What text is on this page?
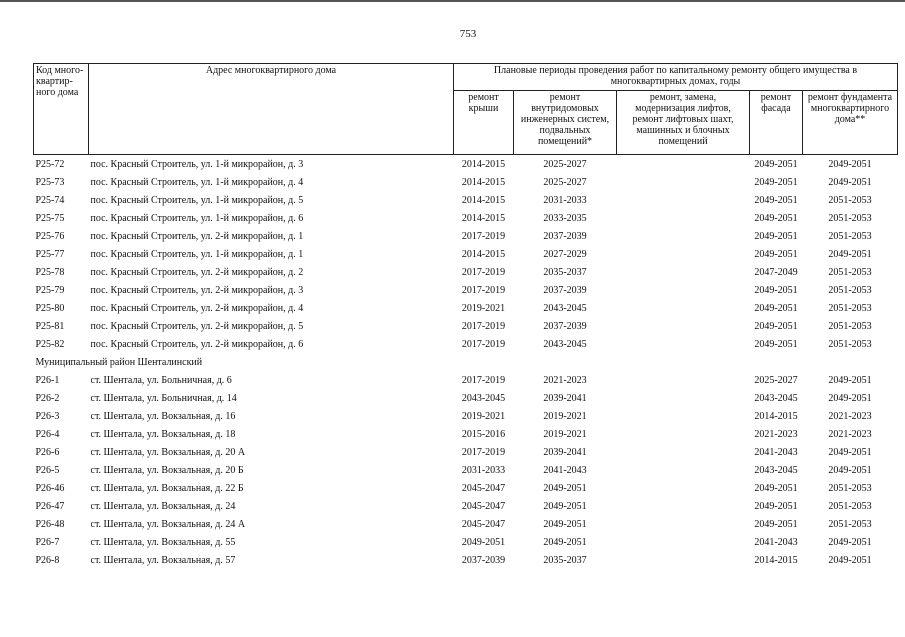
753
Код много-квартир-ного дома	Адрес многоквартирного дома	Плановые периоды проведения работ по капитальному ремонту общего имущества в многоквартирных домах, годы				
		ремонт крыши	ремонт внутридомовых инженерных систем, подвальных помещений*	ремонт, замена, модернизация лифтов, ремонт лифтовых шахт, машинных и блочных помещений	ремонт фасада	ремонт фундамента многоквартирного дома**
P25-72	пос. Красный Строитель, ул. 1-й микрорайон, д. 3	2014-2015	2025-2027		2049-2051	2049-2051
P25-73	пос. Красный Строитель, ул. 1-й микрорайон, д. 4	2014-2015	2025-2027		2049-2051	2049-2051
P25-74	пос. Красный Строитель, ул. 1-й микрорайон, д. 5	2014-2015	2031-2033		2049-2051	2051-2053
P25-75	пос. Красный Строитель, ул. 1-й микрорайон, д. 6	2014-2015	2033-2035		2049-2051	2051-2053
P25-76	пос. Красный Строитель, ул. 2-й микрорайон, д. 1	2017-2019	2037-2039		2049-2051	2051-2053
P25-77	пос. Красный Строитель, ул. 1-й микрорайон, д. 1	2014-2015	2027-2029		2049-2051	2049-2051
P25-78	пос. Красный Строитель, ул. 2-й микрорайон, д. 2	2017-2019	2035-2037		2047-2049	2051-2053
P25-79	пос. Красный Строитель, ул. 2-й микрорайон, д. 3	2017-2019	2037-2039		2049-2051	2051-2053
P25-80	пос. Красный Строитель, ул. 2-й микрорайон, д. 4	2019-2021	2043-2045		2049-2051	2051-2053
P25-81	пос. Красный Строитель, ул. 2-й микрорайон, д. 5	2017-2019	2037-2039		2049-2051	2051-2053
P25-82	пос. Красный Строитель, ул. 2-й микрорайон, д. 6	2017-2019	2043-2045		2049-2051	2051-2053
Муниципальный район Шенталинский						
P26-1	ст. Шентала, ул. Больничная, д. 6	2017-2019	2021-2023		2025-2027	2049-2051
P26-2	ст. Шентала, ул. Больничная, д. 14	2043-2045	2039-2041		2043-2045	2049-2051
P26-3	ст. Шентала, ул. Вокзальная, д. 16	2019-2021	2019-2021		2014-2015	2021-2023
P26-4	ст. Шентала, ул. Вокзальная, д. 18	2015-2016	2019-2021		2021-2023	2021-2023
P26-6	ст. Шентала, ул. Вокзальная, д. 20 А	2017-2019	2039-2041		2041-2043	2049-2051
P26-5	ст. Шентала, ул. Вокзальная, д. 20 Б	2031-2033	2041-2043		2043-2045	2049-2051
P26-46	ст. Шентала, ул. Вокзальная, д. 22 Б	2045-2047	2049-2051		2049-2051	2051-2053
P26-47	ст. Шентала, ул. Вокзальная, д. 24	2045-2047	2049-2051		2049-2051	2051-2053
P26-48	ст. Шентала, ул. Вокзальная, д. 24 А	2045-2047	2049-2051		2049-2051	2051-2053
P26-7	ст. Шентала, ул. Вокзальная, д. 55	2049-2051	2049-2051		2041-2043	2049-2051
P26-8	ст. Шентала, ул. Вокзальная, д. 57	2037-2039	2035-2037		2014-2015	2049-2051
